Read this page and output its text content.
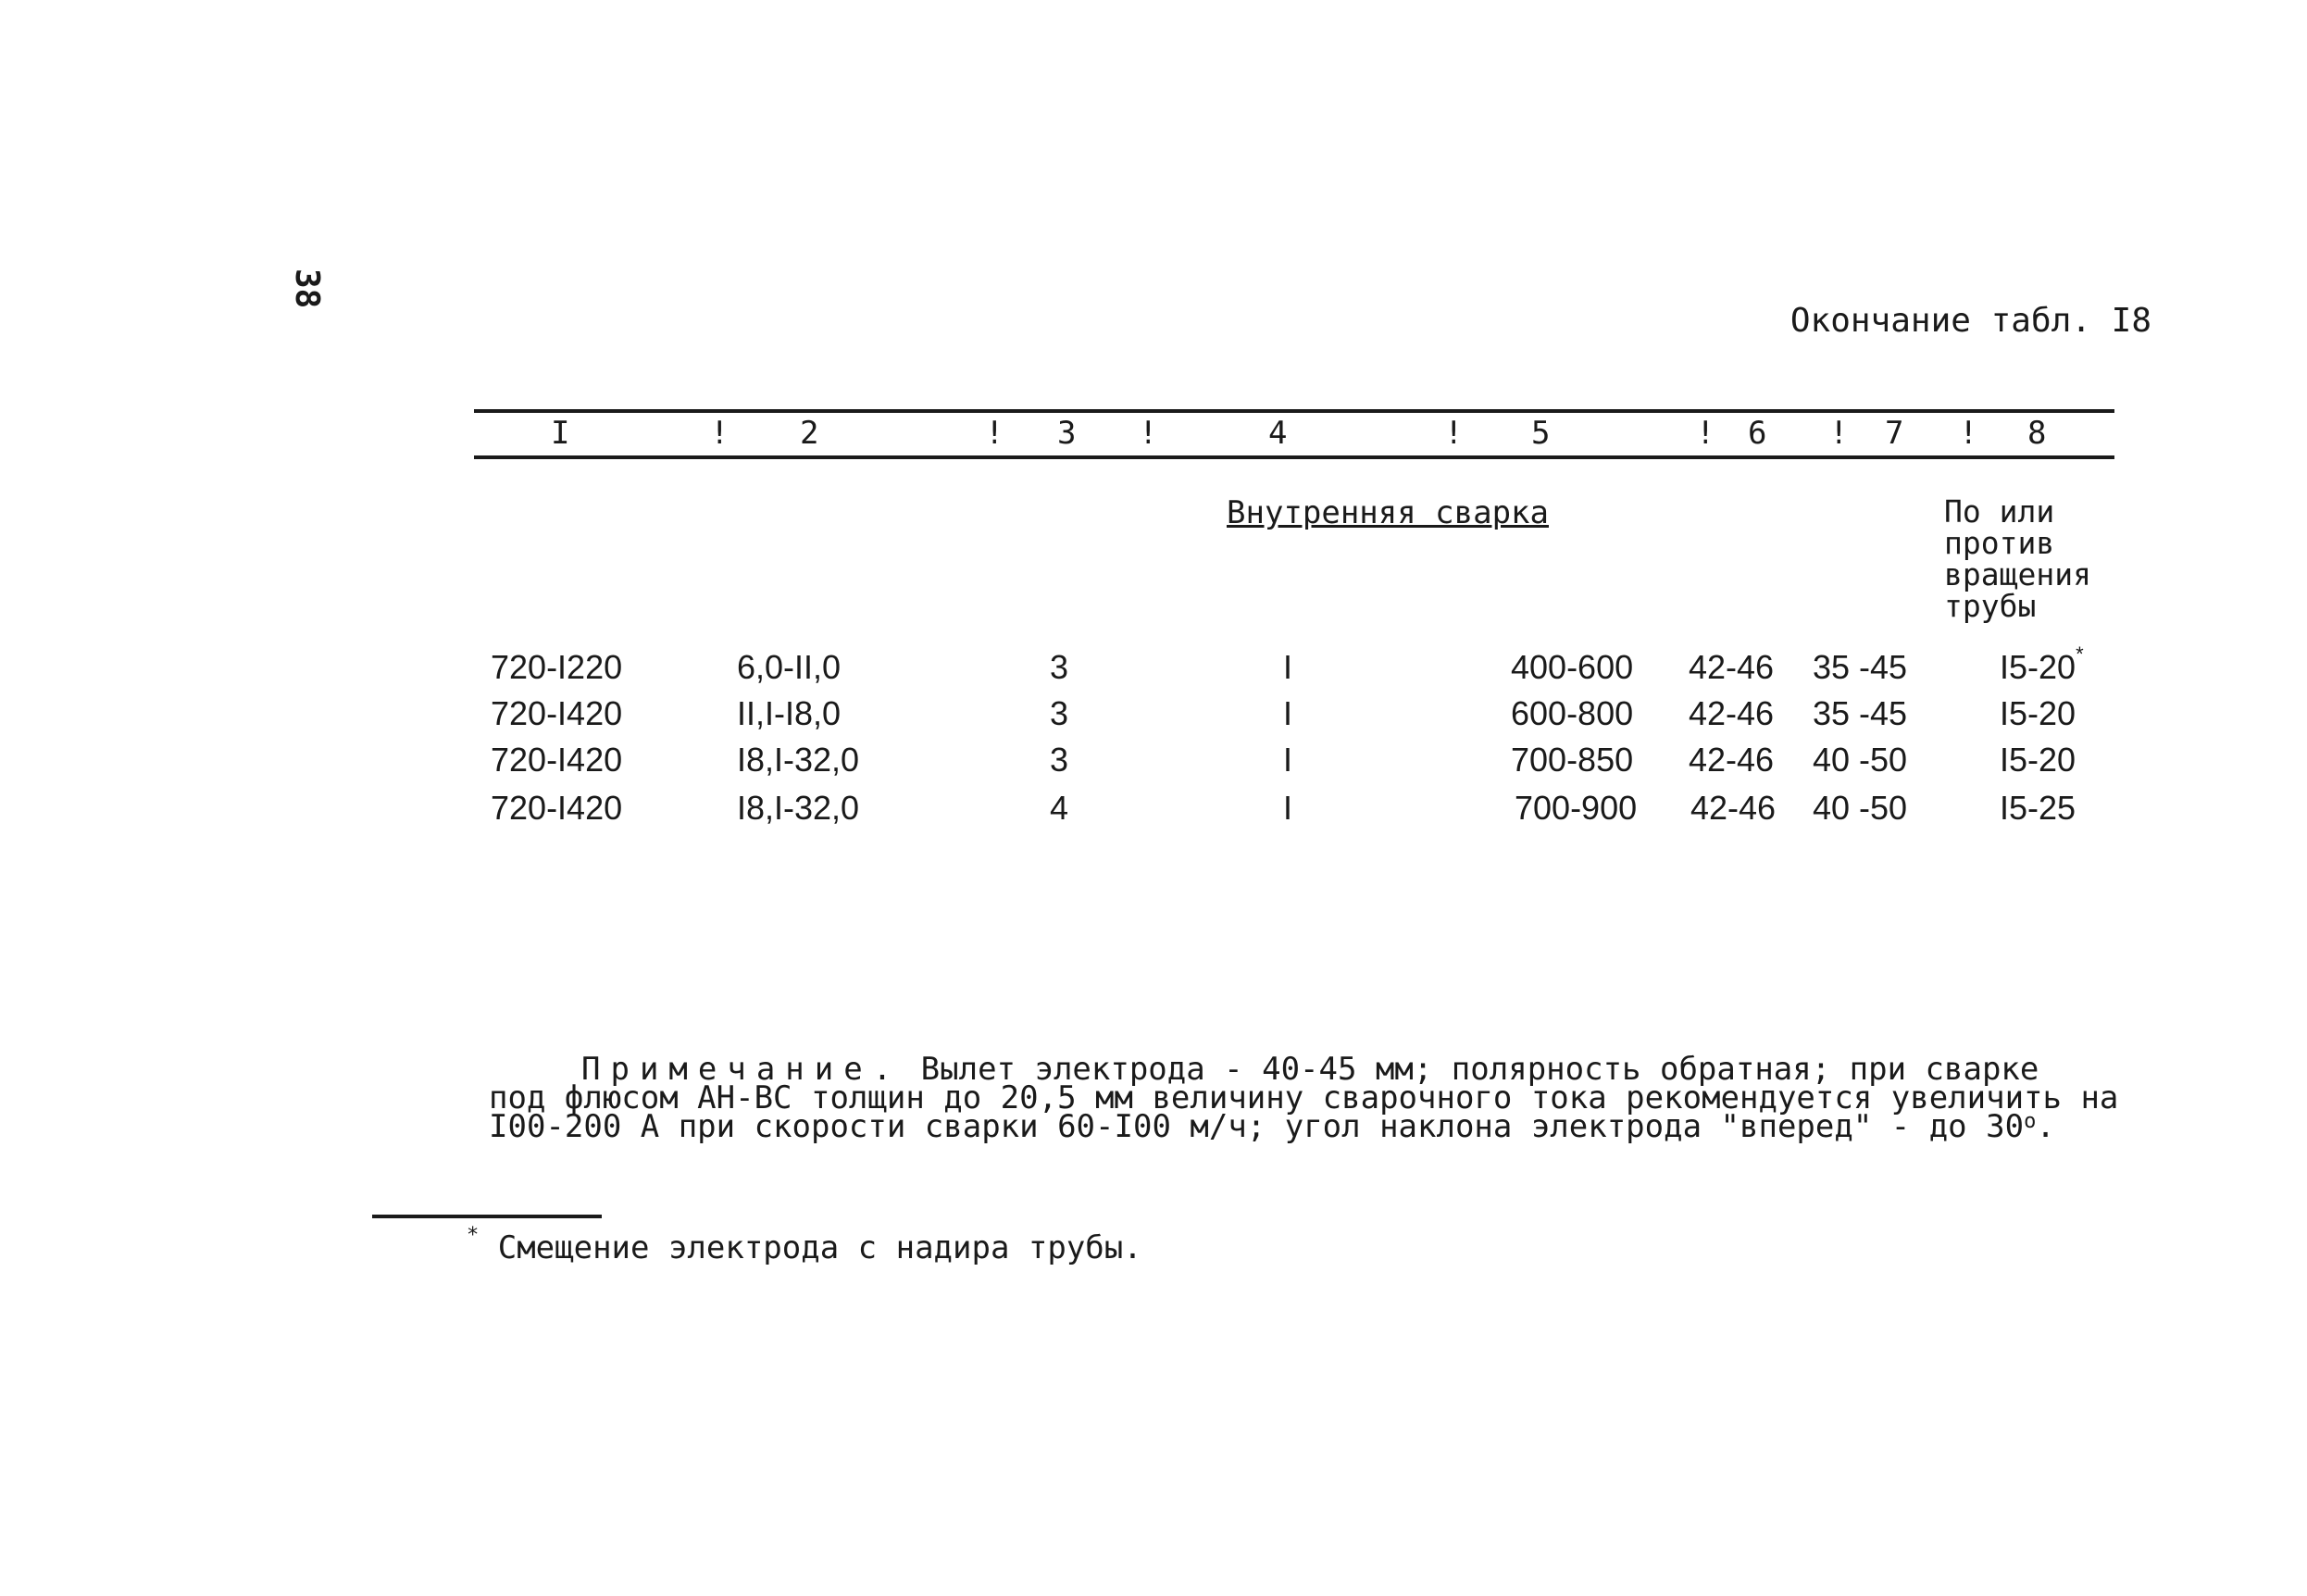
38
Окончание табл. I8
I	! 2	! 3 !	4	! 5	! 6 ! 7 ! 8
Внутренняя сварка	По или
против
вращения
трубы
720-I220	6,0-II,0	3	I	400-600 42-46 35 -45	I5-20*
720-I420	II,I-I8,0	3	I	600-800 42-46 35 -45	I5-20
720-I420	I8,I-32,0	3	I	700-850 42-46 40 -50	I5-20
720-I420	I8,I-32,0	4	I	700-900 42-46 40 -50	I5-25
Примечание. Вылет электрода - 40-45 мм; полярность обратная; при сварке
под флюсом АН-ВС толщин до 20,5 мм величину сварочного тока рекомендуется увеличить на
I00-200 А при скорости сварки 60-I00 м/ч; угол наклона электрода "вперед" - до $30^о$.
* Смещение электрода с надира трубы.
